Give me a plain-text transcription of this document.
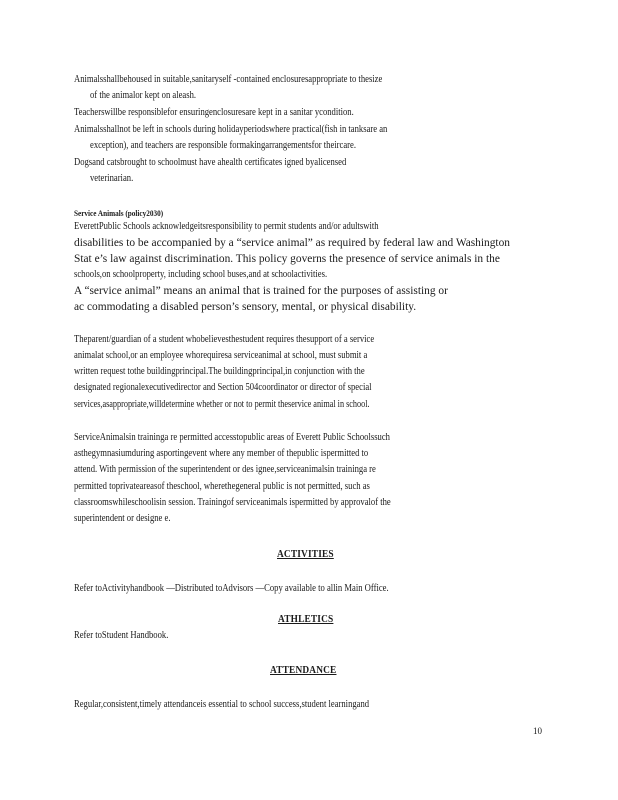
Animalsshallbehoused in suitable,sanitaryself -contained enclosuresappropriate to thesize
of the animalor kept on aleash.
Teacherswillbe responsiblefor ensuringenclosuresare kept in a sanitar ycondition.
Animalsshallnot be left in schools during holidayperiodswhere practical(fish in tanksare an
exception), and teachers are responsible formakingarrangementsfor theircare.
Dogsand catsbrought to schoolmust have ahealth certificates igned byalicensed
veterinarian.
Service Animals (policy2030)
EverettPublic Schools acknowledgeitsresponsibility to permit students and/or adultswith
disabilities to be accompanied by a “service animal” as required by federal law and Washington
Stat e’s law against discrimination. This policy governs the presence of service animals in the
schools,on schoolproperty, including school buses,and at schoolactivities.
A “service animal” means an animal that is trained for the purposes of assisting or
ac commodating a disabled person’s sensory, mental, or physical disability.
Theparent/guardian of a student whobelievesthestudent requires thesupport of a service
animalat school,or an employee whorequiresa serviceanimal at school, must submit a
written request tothe buildingprincipal.The buildingprincipal,in conjunction with the
designated regionalexecutivedirector and Section 504coordinator or director of special
services,asappropriate,willdetermine whether or not to permit theservice animal in school.
ServiceAnimalsin traininga re permitted accesstopublic areas of Everett Public Schoolssuch
asthegymnasiumduring asportingevent where any member of thepublic ispermitted to
attend. With permission of the superintendent or des ignee,serviceanimalsin traininga re
permitted toprivateareasof theschool, wherethegeneral public is not permitted, such as
classroomswhileschoolisin session. Trainingof serviceanimals ispermitted by approvalof the
superintendent or designe e.
ACTIVITIES
Refer toActivityhandbook —Distributed toAdvisors —Copy available to allin Main Office.
ATHLETICS
Refer toStudent Handbook.
ATTENDANCE
Regular,consistent,timely attendanceis essential to school success,student learningand
10
